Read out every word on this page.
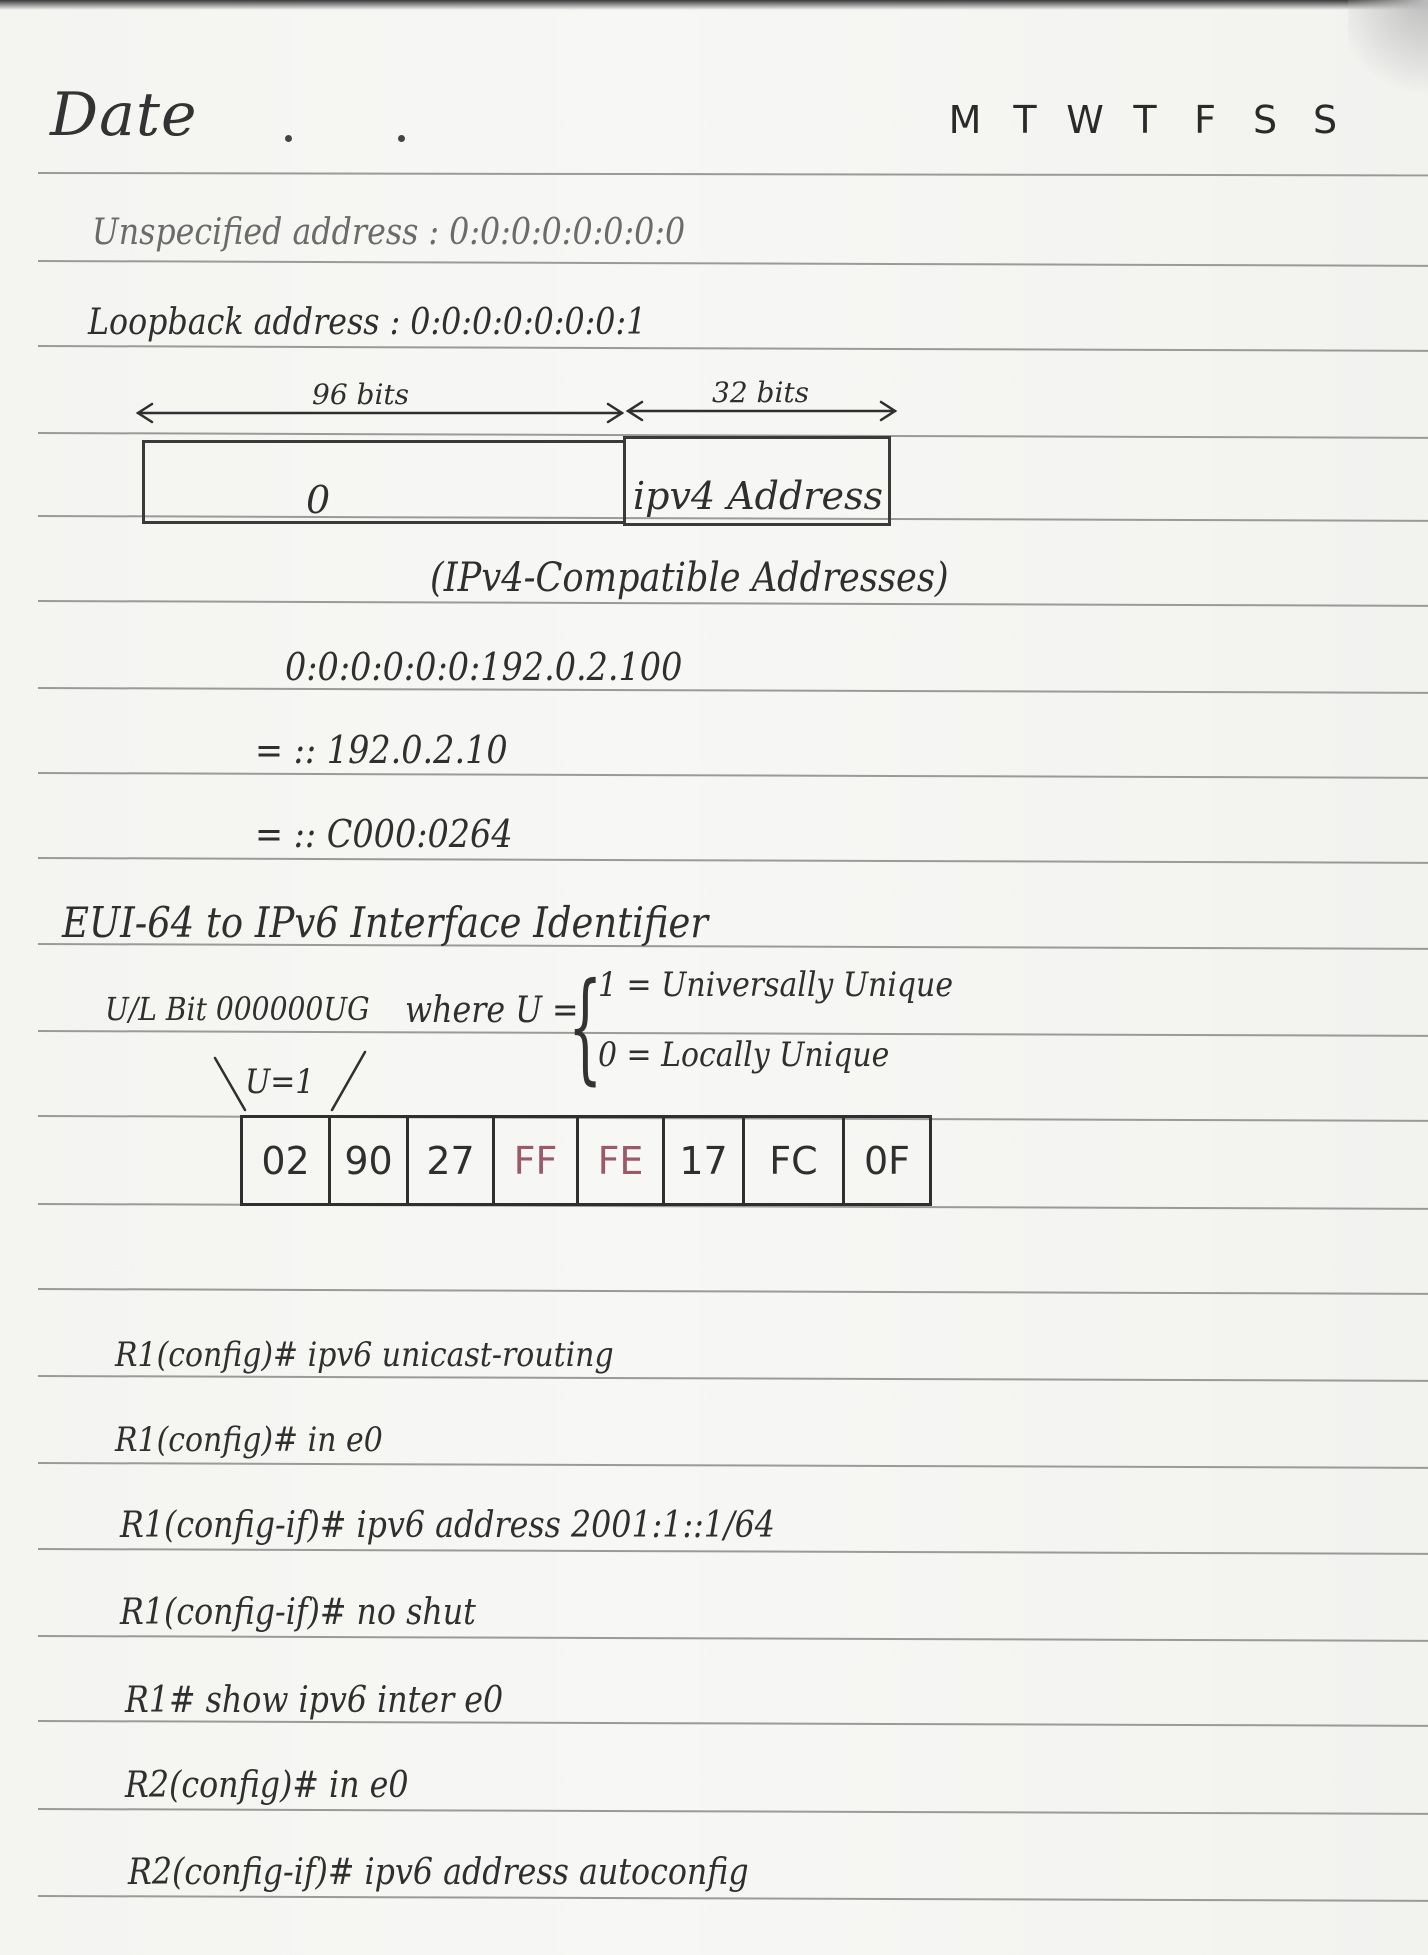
Date	M T W T F S S
Unspecified address : 0:0:0:0:0:0:0:0
Loopback address : 0:0:0:0:0:0:0:1
96 bits	32 bits
0	ipv4 Address
(IPv4-Compatible Addresses)
0:0:0:0:0:0:192.0.2.100
= :: 192.0.2.10
= :: C000:0264
EUI-64 to IPv6 Interface Identifier
U/L Bit 000000UG where U =
{
1 = Universally Unique
0 = Locally Unique
U=1
02 90 27	FF	FE 17	FC	0F
R1(config)# ipv6 unicast-routing
R1(config)# in e0
R1(config-if)# ipv6 address 2001:1::1/64
R1(config-if)# no shut
R1# show ipv6 inter e0
R2(config)# in e0
R2(config-if)# ipv6 address autoconfig
